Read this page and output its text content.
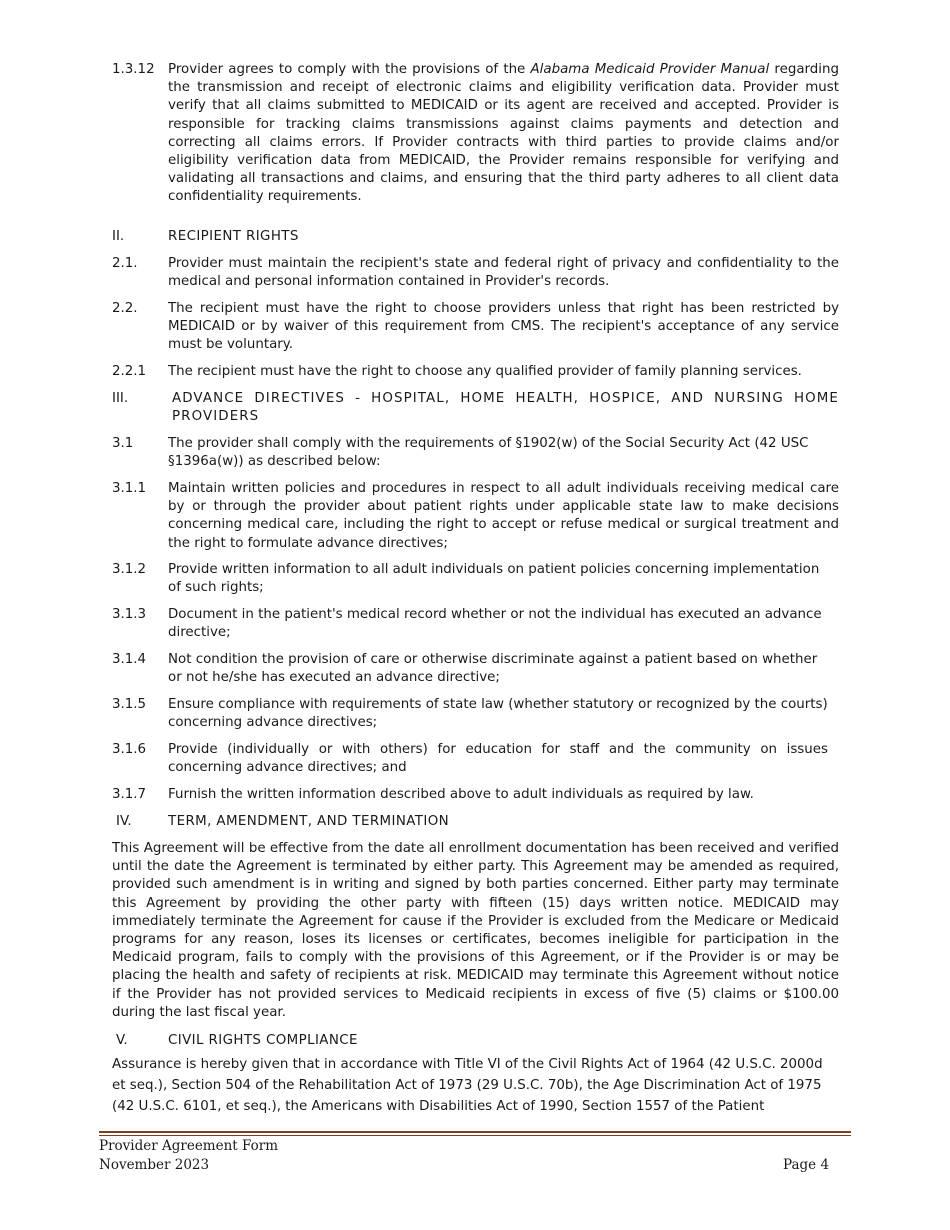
1.3.12	Provider agrees to comply with the provisions of the Alabama Medicaid Provider Manual regarding the transmission and receipt of electronic claims and eligibility verification data. Provider must verify that all claims submitted to MEDICAID or its agent are received and accepted. Provider is responsible for tracking claims transmissions against claims payments and detection and correcting all claims errors. If Provider contracts with third parties to provide claims and/or eligibility verification data from MEDICAID, the Provider remains responsible for verifying and validating all transactions and claims, and ensuring that the third party adheres to all client data confidentiality requirements.
II.	RECIPIENT RIGHTS
2.1.	Provider must maintain the recipient's state and federal right of privacy and confidentiality to the medical and personal information contained in Provider's records.
2.2.	The recipient must have the right to choose providers unless that right has been restricted by MEDICAID or by waiver of this requirement from CMS. The recipient's acceptance of any service must be voluntary.
2.2.1	The recipient must have the right to choose any qualified provider of family planning services.
III.	ADVANCE DIRECTIVES - HOSPITAL, HOME HEALTH, HOSPICE, AND NURSING HOME PROVIDERS
3.1	The provider shall comply with the requirements of §1902(w) of the Social Security Act (42 USC §1396a(w)) as described below:
3.1.1	Maintain written policies and procedures in respect to all adult individuals receiving medical care by or through the provider about patient rights under applicable state law to make decisions concerning medical care, including the right to accept or refuse medical or surgical treatment and the right to formulate advance directives;
3.1.2	Provide written information to all adult individuals on patient policies concerning implementation of such rights;
3.1.3	Document in the patient's medical record whether or not the individual has executed an advance directive;
3.1.4	Not condition the provision of care or otherwise discriminate against a patient based on whether or not he/she has executed an advance directive;
3.1.5	Ensure compliance with requirements of state law (whether statutory or recognized by the courts) concerning advance directives;
3.1.6	Provide (individually or with others) for education for staff and the community on issues concerning advance directives; and
3.1.7	Furnish the written information described above to adult individuals as required by law.
IV.	TERM, AMENDMENT, AND TERMINATION
This Agreement will be effective from the date all enrollment documentation has been received and verified until the date the Agreement is terminated by either party. This Agreement may be amended as required, provided such amendment is in writing and signed by both parties concerned. Either party may terminate this Agreement by providing the other party with fifteen (15) days written notice. MEDICAID may immediately terminate the Agreement for cause if the Provider is excluded from the Medicare or Medicaid programs for any reason, loses its licenses or certificates, becomes ineligible for participation in the Medicaid program, fails to comply with the provisions of this Agreement, or if the Provider is or may be placing the health and safety of recipients at risk. MEDICAID may terminate this Agreement without notice if the Provider has not provided services to Medicaid recipients in excess of five (5) claims or $100.00 during the last fiscal year.
V.	CIVIL RIGHTS COMPLIANCE
Assurance is hereby given that in accordance with Title VI of the Civil Rights Act of 1964 (42 U.S.C. 2000d et seq.), Section 504 of the Rehabilitation Act of 1973 (29 U.S.C. 70b), the Age Discrimination Act of 1975 (42 U.S.C. 6101, et seq.), the Americans with Disabilities Act of 1990, Section 1557 of the Patient
Provider Agreement Form
November 2023	Page 4
